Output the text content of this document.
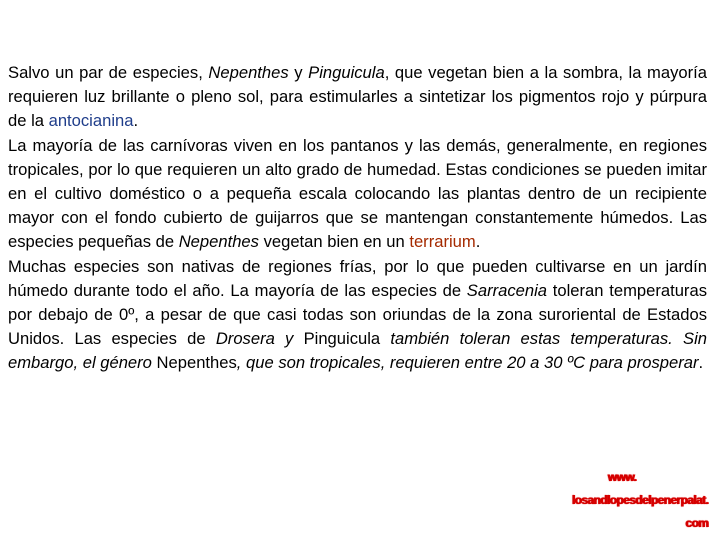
Salvo un par de especies, Nepenthes y Pinguicula, que vegetan bien a la sombra, la mayoría requieren luz brillante o pleno sol, para estimularles a sintetizar los pigmentos rojo y púrpura de la antocianina.

La mayoría de las carnívoras viven en los pantanos y las demás, generalmente, en regiones tropicales, por lo que requieren un alto grado de humedad. Estas condiciones se pueden imitar en el cultivo doméstico o a pequeña escala colocando las plantas dentro de un recipiente mayor con el fondo cubierto de guijarros que se mantengan constantemente húmedos. Las especies pequeñas de Nepenthes vegetan bien en un terrarium.

Muchas especies son nativas de regiones frías, por lo que pueden cultivarse en un jardín húmedo durante todo el año. La mayoría de las especies de Sarracenia toleran temperaturas por debajo de 0º, a pesar de que casi todas son oriundas de la zona suroriental de Estados Unidos. Las especies de Drosera y Pinguicula también toleran estas temperaturas. Sin embargo, el género Nepenthes, que son tropicales, requieren entre 20 a 30 ºC para prosperar.

www.
losandlopesdelpenerpalat.
com
